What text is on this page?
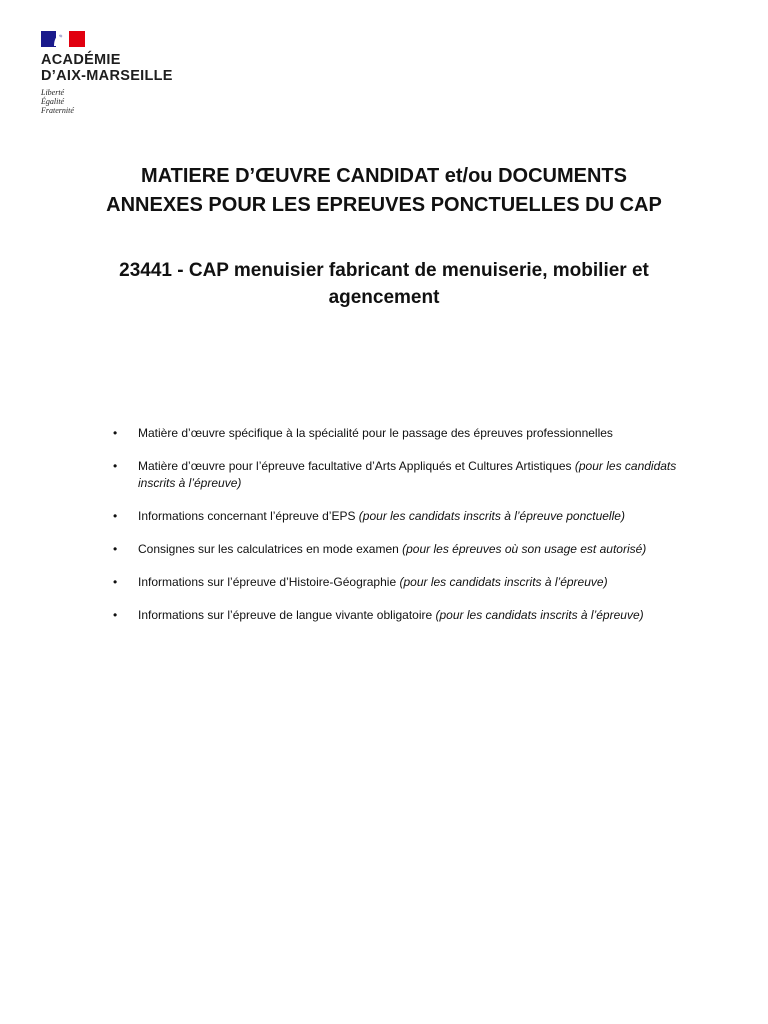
ACADÉMIE
D’AIX-MARSEILLE
Liberté
Égalité
Fraternité
MATIERE D’ŒUVRE CANDIDAT et/ou DOCUMENTS
ANNEXES POUR LES EPREUVES PONCTUELLES DU CAP
23441 - CAP menuisier fabricant de menuiserie, mobilier et
agencement
• Matière d’œuvre spécifique à la spécialité pour le passage des épreuves professionnelles
• Matière d’œuvre pour l’épreuve facultative d’Arts Appliqués et Cultures Artistiques (pour les candidats inscrits à l’épreuve)
• Informations concernant l’épreuve d’EPS (pour les candidats inscrits à l’épreuve ponctuelle)
• Consignes sur les calculatrices en mode examen (pour les épreuves où son usage est autorisé)
• Informations sur l’épreuve d’Histoire-Géographie (pour les candidats inscrits à l’épreuve)
• Informations sur l’épreuve de langue vivante obligatoire (pour les candidats inscrits à l’épreuve)
